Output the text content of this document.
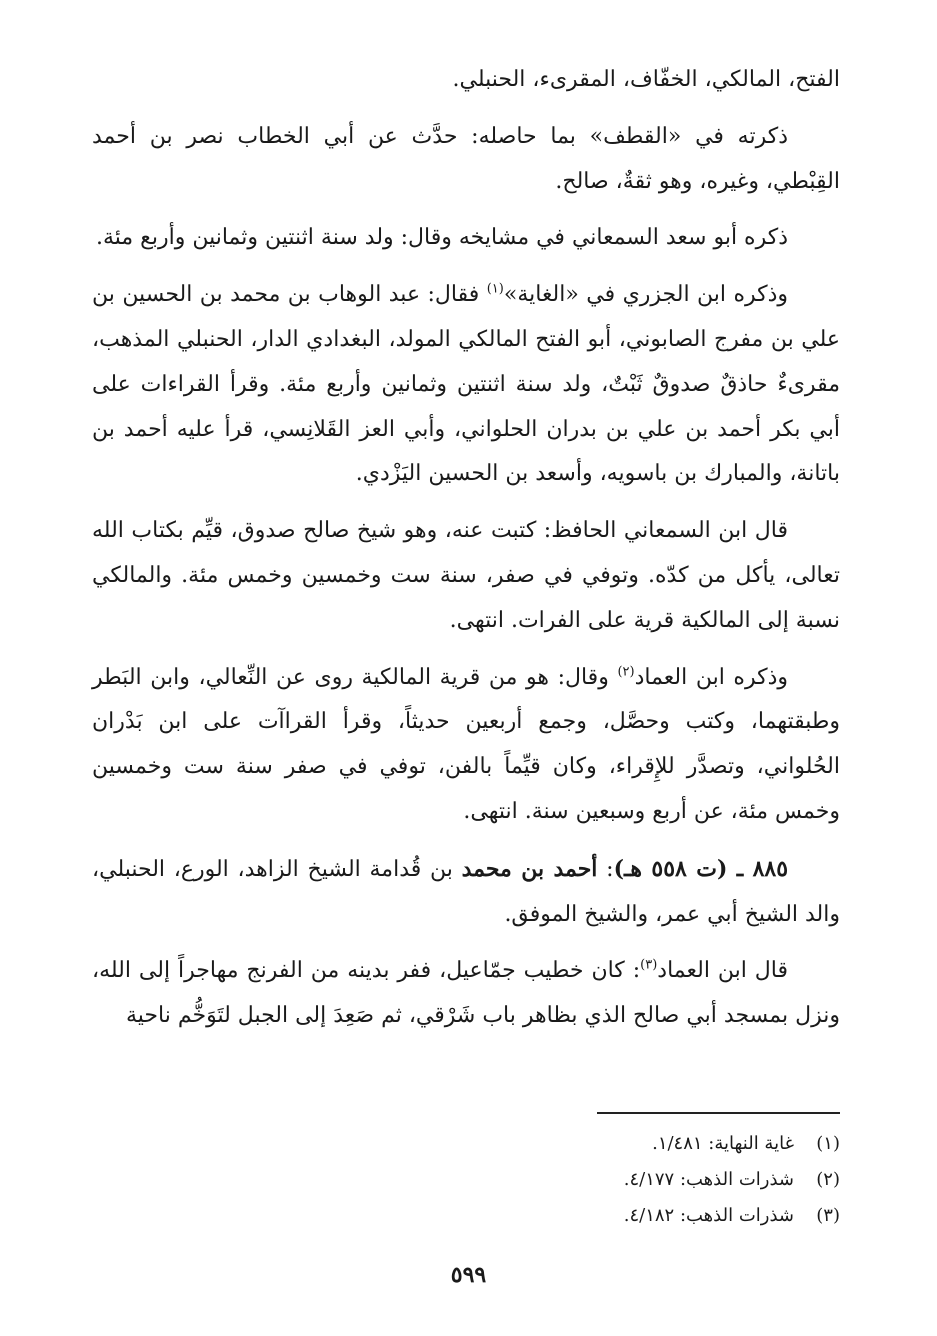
الفتح، المالكي، الخفّاف، المقرىء، الحنبلي.

ذكرته في «القطف» بما حاصله: حدَّث عن أبي الخطاب نصر بن أحمد القِبْطي، وغيره، وهو ثقةٌ، صالح.

ذكره أبو سعد السمعاني في مشايخه وقال: ولد سنة اثنتين وثمانين وأربع مئة.

وذكره ابن الجزري في «الغاية»$^{(١)}$ فقال: عبد الوهاب بن محمد بن الحسين بن علي بن مفرج الصابوني، أبو الفتح المالكي المولد، البغدادي الدار، الحنبلي المذهب، مقرىءٌ حاذقٌ صدوقٌ ثَبْتٌ، ولد سنة اثنتين وثمانين وأربع مئة. وقرأ القراءات على أبي بكر أحمد بن علي بن بدران الحلواني، وأبي العز القَلانِسي، قرأ عليه أحمد بن باتانة، والمبارك بن باسويه، وأسعد بن الحسين اليَزْدي.

قال ابن السمعاني الحافظ: كتبت عنه، وهو شيخ صالح صدوق، قيِّم بكتاب الله تعالى، يأكل من كدّه. وتوفي في صفر، سنة ست وخمسين وخمس مئة. والمالكي نسبة إلى المالكية قرية على الفرات. انتهى.

وذكره ابن العماد$^{(٢)}$ وقال: هو من قرية المالكية روى عن النِّعالي، وابن البَطر وطبقتهما، وكتب وحصَّل، وجمع أربعين حديثاً، وقرأ القراآت على ابن بَدْران الحُلواني، وتصدَّر للإِقراء، وكان قيِّماً بالفن، توفي في صفر سنة ست وخمسين وخمس مئة، عن أربع وسبعين سنة. انتهى.

٨٨٥ ـ (ت ٥٥٨ هـ): أحمد بن محمد بن قُدامة الشيخ الزاهد، الورع، الحنبلي، والد الشيخ أبي عمر، والشيخ الموفق.

قال ابن العماد$^{(٣)}$: كان خطيب جمّاعيل، ففر بدينه من الفرنج مهاجراً إلى الله، ونزل بمسجد أبي صالح الذي بظاهر باب شَرْقي، ثم صَعِدَ إلى الجبل لتَوَخُّم ناحية

(١)غاية النهاية: ١/٤٨١.
(٢)شذرات الذهب: ٤/١٧٧.
(٣)شذرات الذهب: ٤/١٨٢.
٥٩٩
